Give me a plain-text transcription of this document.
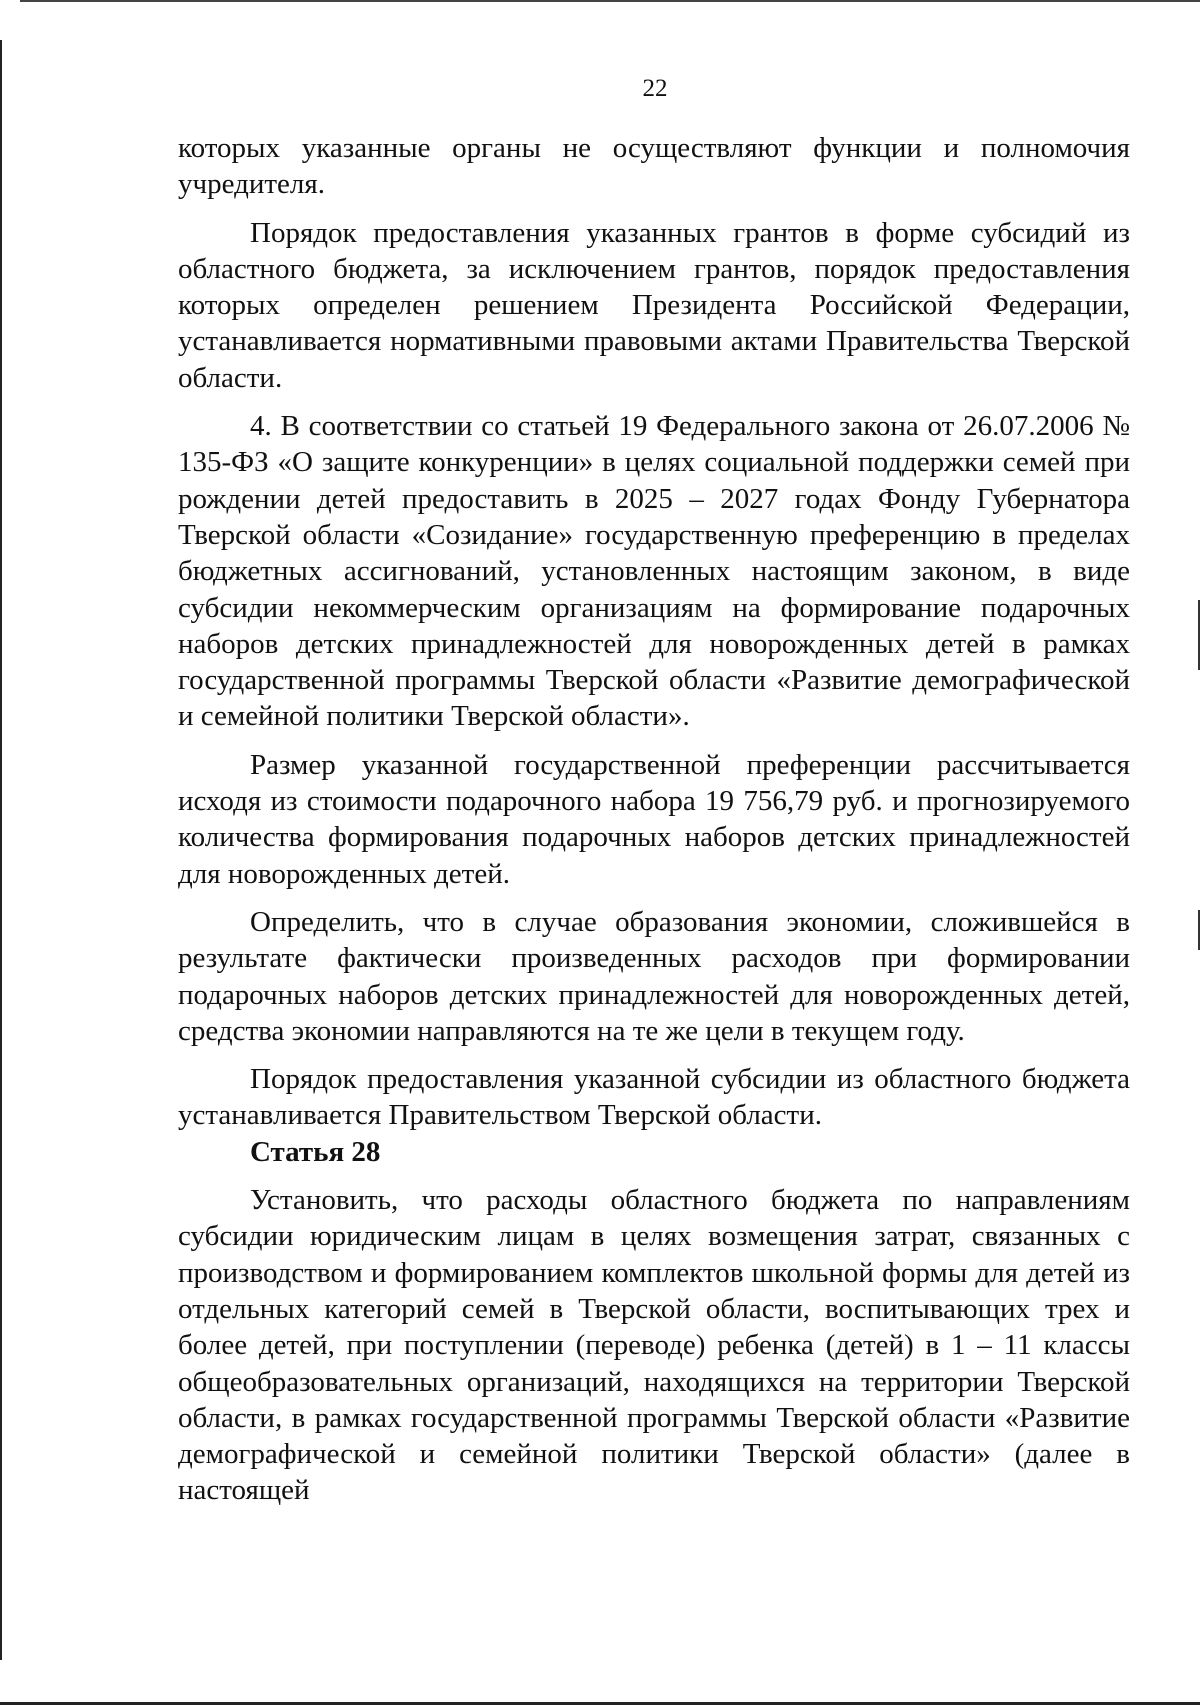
22

которых указанные органы не осуществляют функции и полномочия учредителя.

Порядок предоставления указанных грантов в форме субсидий из областного бюджета, за исключением грантов, порядок предоставления которых определен решением Президента Российской Федерации, устанавливается нормативными правовыми актами Правительства Тверской области.

4. В соответствии со статьей 19 Федерального закона от 26.07.2006 № 135-ФЗ «О защите конкуренции» в целях социальной поддержки семей при рождении детей предоставить в 2025 – 2027 годах Фонду Губернатора Тверской области «Созидание» государственную преференцию в пределах бюджетных ассигнований, установленных настоящим законом, в виде субсидии некоммерческим организациям на формирование подарочных наборов детских принадлежностей для новорожденных детей в рамках государственной программы Тверской области «Развитие демографической и семейной политики Тверской области».

Размер указанной государственной преференции рассчитывается исходя из стоимости подарочного набора 19 756,79 руб. и прогнозируемого количества формирования подарочных наборов детских принадлежностей для новорожденных детей.

Определить, что в случае образования экономии, сложившейся в результате фактически произведенных расходов при формировании подарочных наборов детских принадлежностей для новорожденных детей, средства экономии направляются на те же цели в текущем году.

Порядок предоставления указанной субсидии из областного бюджета устанавливается Правительством Тверской области.

Статья 28

Установить, что расходы областного бюджета по направлениям субсидии юридическим лицам в целях возмещения затрат, связанных с производством и формированием комплектов школьной формы для детей из отдельных категорий семей в Тверской области, воспитывающих трех и более детей, при поступлении (переводе) ребенка (детей) в 1 – 11 классы общеобразовательных организаций, находящихся на территории Тверской области, в рамках государственной программы Тверской области «Развитие демографической и семейной политики Тверской области» (далее в настоящей
